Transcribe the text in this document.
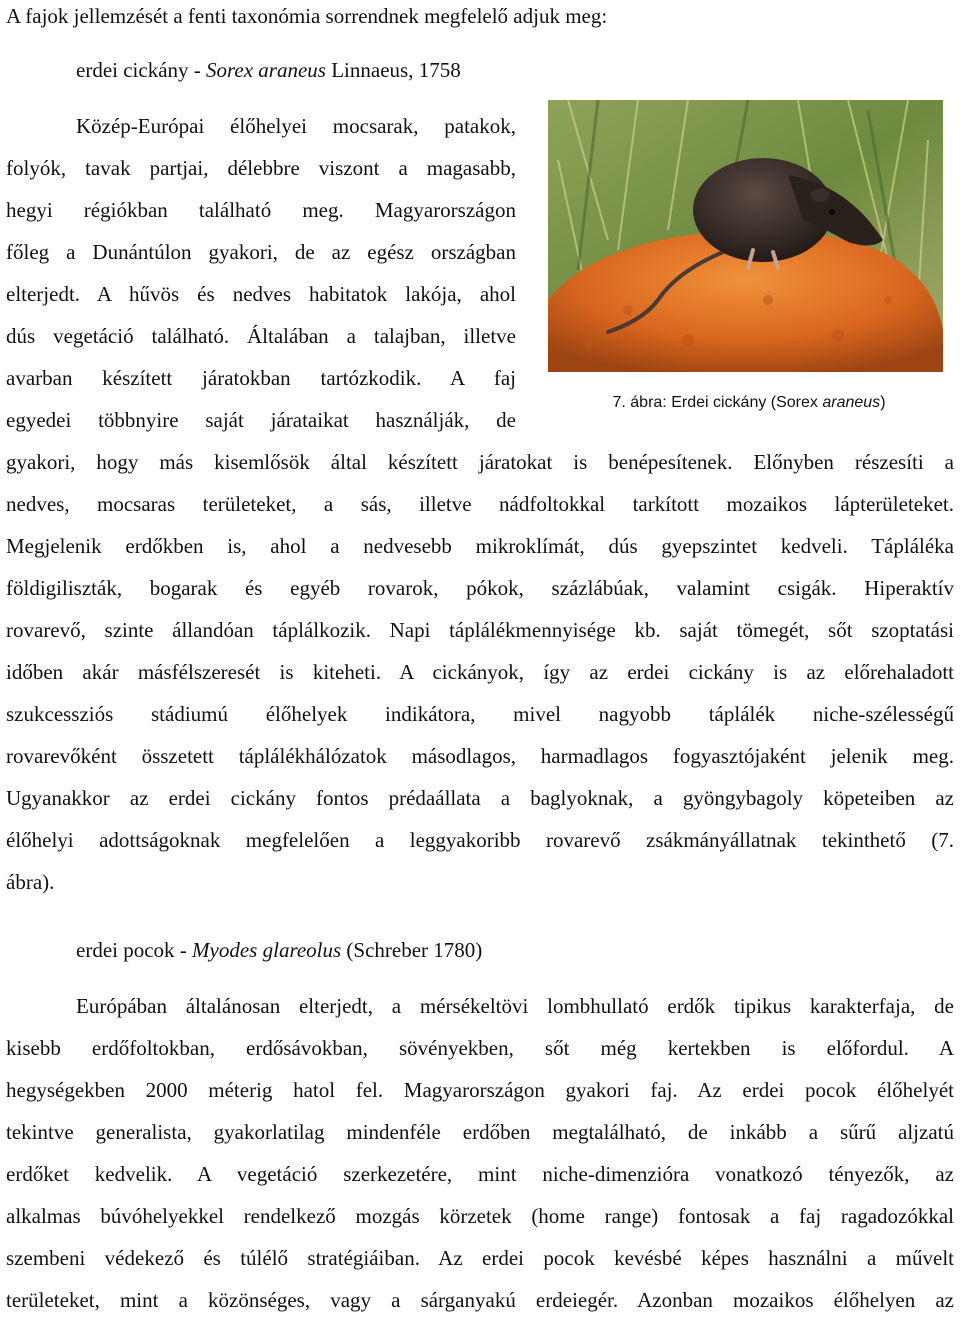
A fajok jellemzését a fenti taxonómia sorrendnek megfelelő adjuk meg:
erdei cickány - Sorex araneus Linnaeus, 1758
Közép-Európai élőhelyei mocsarak, patakok,
folyók, tavak partjai, délebbre viszont a magasabb,
hegyi régiókban található meg. Magyarországon
főleg a Dunántúlon gyakori, de az egész országban
elterjedt. A hűvös és nedves habitatok lakója, ahol
dús vegetáció található. Általában a talajban, illetve
avarban készített járatokban tartózkodik. A faj
egyedei többnyire saját járataikat használják, de
7. ábra: Erdei cickány (Sorex araneus)
gyakori, hogy más kisemlősök által készített járatokat is benépesítenek. Előnyben részesíti a
nedves, mocsaras területeket, a sás, illetve nádfoltokkal tarkított mozaikos lápterületeket.
Megjelenik erdőkben is, ahol a nedvesebb mikroklímát, dús gyepszintet kedveli. Tápláléka
földigiliszták, bogarak és egyéb rovarok, pókok, százlábúak, valamint csigák. Hiperaktív
rovarevő, szinte állandóan táplálkozik. Napi táplálékmennyisége kb. saját tömegét, sőt szoptatási
időben akár másfélszeresét is kiteheti. A cickányok, így az erdei cickány is az előrehaladott
szukcessziós stádiumú élőhelyek indikátora, mivel nagyobb táplálék niche-szélességű
rovarevőként összetett táplálékhálózatok másodlagos, harmadlagos fogyasztójaként jelenik meg.
Ugyanakkor az erdei cickány fontos prédaállata a baglyoknak, a gyöngybagoly köpeteiben az
élőhelyi adottságoknak megfelelően a leggyakoribb rovarevő zsákmányállatnak tekinthető (7.
ábra).
erdei pocok - Myodes glareolus (Schreber 1780)
Európában általánosan elterjedt, a mérsékeltövi lombhullató erdők tipikus karakterfaja, de
kisebb erdőfoltokban, erdősávokban, sövényekben, sőt még kertekben is előfordul. A
hegységekben 2000 méterig hatol fel. Magyarországon gyakori faj. Az erdei pocok élőhelyét
tekintve generalista, gyakorlatilag mindenféle erdőben megtalálható, de inkább a sűrű aljzatú
erdőket kedvelik. A vegetáció szerkezetére, mint niche-dimenzióra vonatkozó tényezők, az
alkalmas búvóhelyekkel rendelkező mozgás körzetek (home range) fontosak a faj ragadozókkal
szembeni védekező és túlélő stratégiáiban. Az erdei pocok kevésbé képes használni a művelt
területeket, mint a közönséges, vagy a sárganyakú erdeiegér. Azonban mozaikos élőhelyen az
